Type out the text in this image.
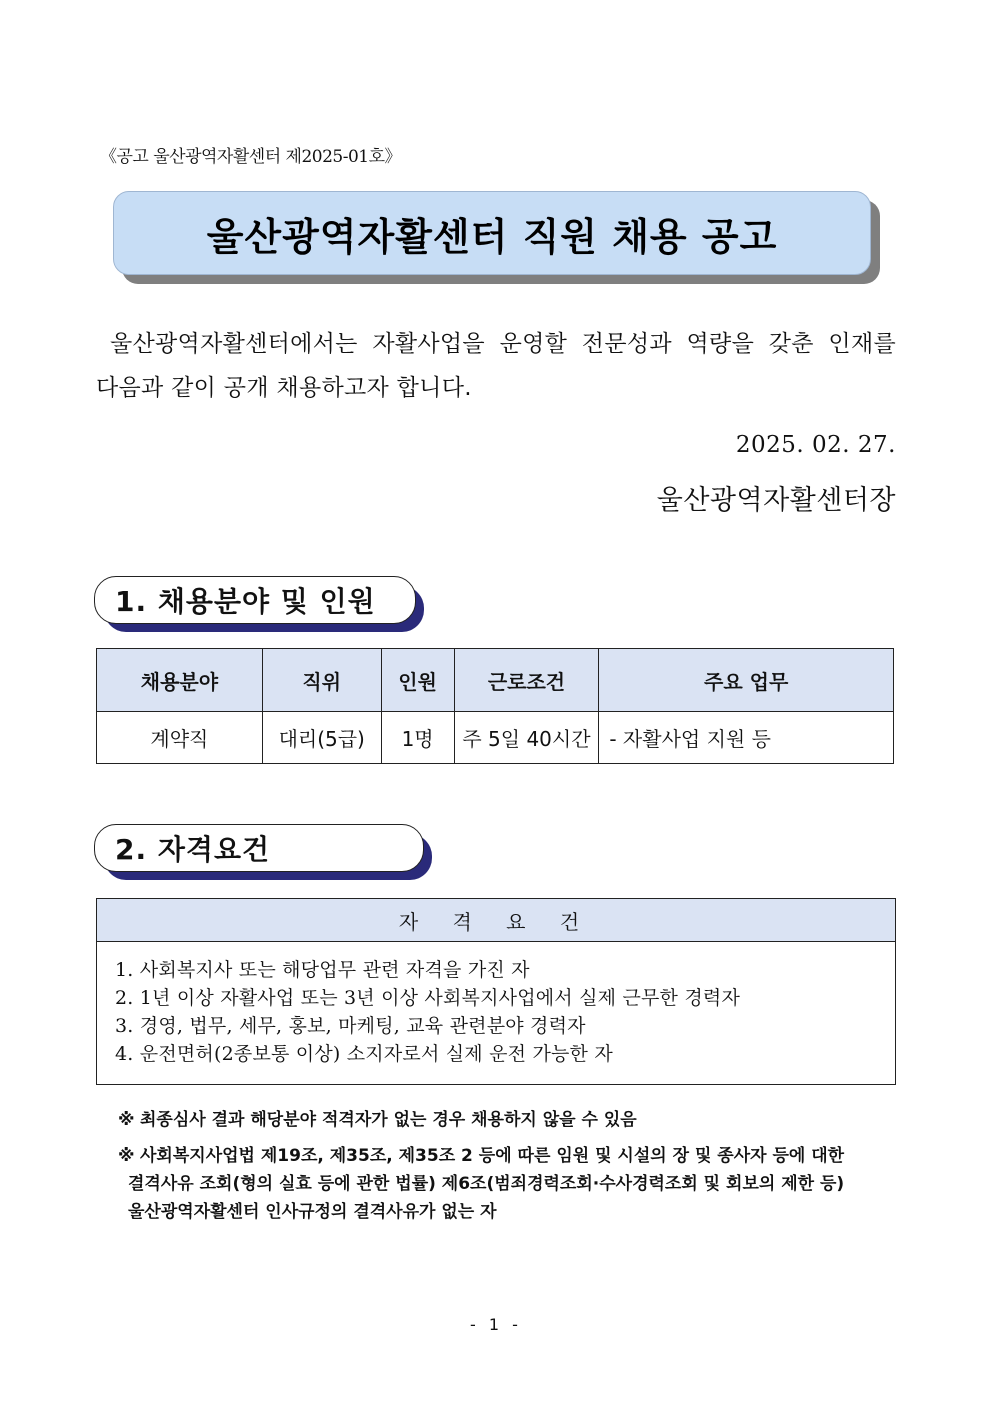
《공고 울산광역자활센터 제2025-01호》
울산광역자활센터 직원 채용 공고
울산광역자활센터에서는 자활사업을 운영할 전문성과 역량을 갖춘 인재를
다음과 같이 공개 채용하고자 합니다.
2025. 02. 27.
울산광역자활센터장
1. 채용분야 및 인원
채용분야	직위	인원	근로조건	주요 업무
계약직	대리(5급)	1명	주 5일 40시간	- 자활사업 지원 등
2. 자격요건
자 격 요 건
1. 사회복지사 또는 해당업무 관련 자격을 가진 자
2. 1년 이상 자활사업 또는 3년 이상 사회복지사업에서 실제 근무한 경력자
3. 경영, 법무, 세무, 홍보, 마케팅, 교육 관련분야 경력자
4. 운전면허(2종보통 이상) 소지자로서 실제 운전 가능한 자
※ 최종심사 결과 해당분야 적격자가 없는 경우 채용하지 않을 수 있음
※ 사회복지사업법 제19조, 제35조, 제35조 2 등에 따른 임원 및 시설의 장 및 종사자 등에 대한
결격사유 조회(형의 실효 등에 관한 법률) 제6조(범죄경력조회·수사경력조회 및 회보의 제한 등)
울산광역자활센터 인사규정의 결격사유가 없는 자
- 1 -
